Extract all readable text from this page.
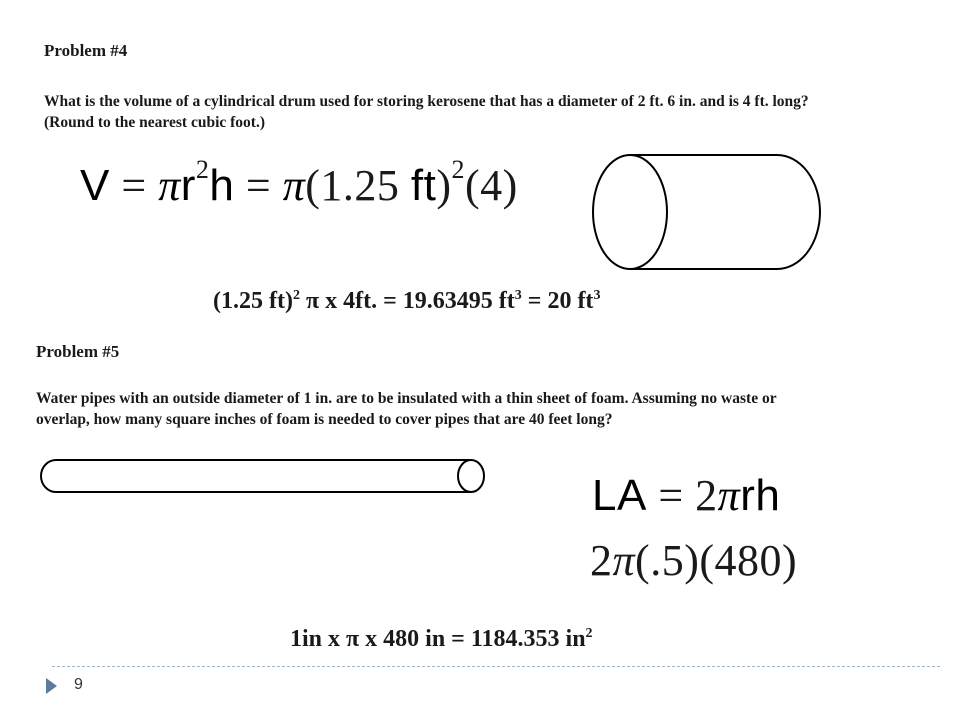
Problem #4
What is the volume of a cylindrical drum used for storing kerosene that has a diameter of 2 ft. 6 in. and is 4 ft. long?
(Round to the nearest cubic foot.)
$V = \pi r^2h = \pi(1.25$ ft)$^2$(4)
(1.25 ft)$^2$ π x 4ft. = 19.63495 $ft^3 = 20$ $ft^3$
Problem #5
Water pipes with an outside diameter of 1 in. are to be insulated with a thin sheet of foam. Assuming no waste or
overlap, how many square inches of foam is needed to cover pipes that are 40 feet long?
LA = 2πrh
2π(.5)(480)
1in x π x 480 in = 1184.353 $in^2$
9
